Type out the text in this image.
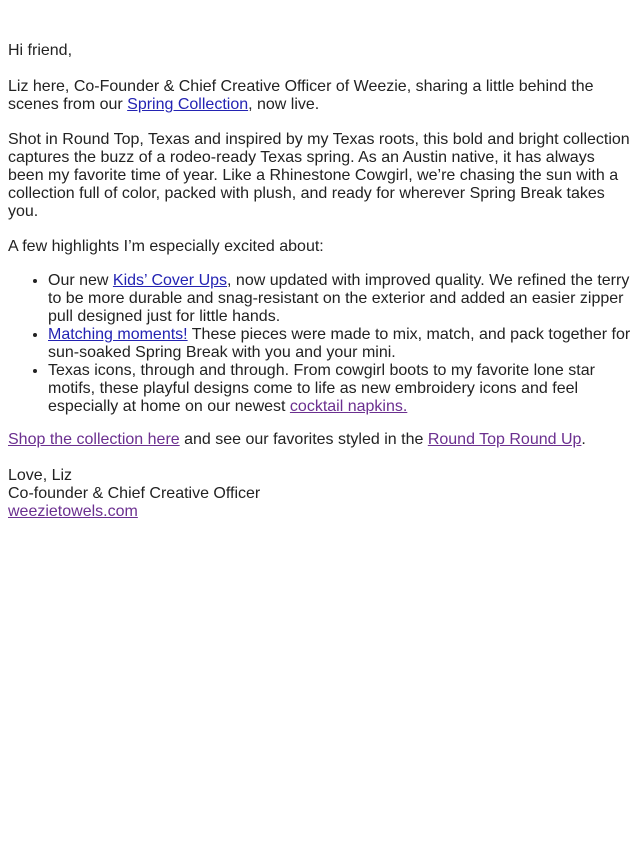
Hi friend,

Liz here, Co-Founder & Chief Creative Officer of Weezie, sharing a little behind the scenes from our Spring Collection, now live.

Shot in Round Top, Texas and inspired by my Texas roots, this bold and bright collection captures the buzz of a rodeo-ready Texas spring. As an Austin native, it has always been my favorite time of year. Like a Rhinestone Cowgirl, we’re chasing the sun with a collection full of color, packed with plush, and ready for wherever Spring Break takes you.

A few highlights I’m especially excited about:

• Our new Kids’ Cover Ups, now updated with improved quality. We refined the terry to be more durable and snag-resistant on the exterior and added an easier zipper pull designed just for little hands.
• Matching moments! These pieces were made to mix, match, and pack together for sun-soaked Spring Break with you and your mini.
• Texas icons, through and through. From cowgirl boots to my favorite lone star motifs, these playful designs come to life as new embroidery icons and feel especially at home on our newest cocktail napkins.

Shop the collection here and see our favorites styled in the Round Top Round Up.

Love, Liz
Co-founder & Chief Creative Officer
weezietowels.com
